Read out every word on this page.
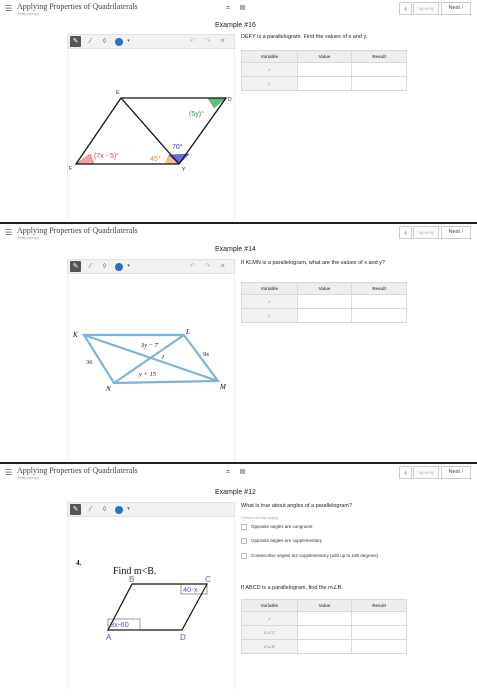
☰ Applying Properties of Quadrilaterals
Abby Hurley
⌗ ▤	‹	16 of 19	Next ›
Example #16
✎	⁄	◊	▾	↶	↷	✕
E
D
F	Y
(5y)°
(7x - 5)°	45°
70°
DEFY is a parallelogram. Find the values of x and y.
Variable	Value	Result
x		
y		
☰ Applying Properties of Quadrilaterals
Abby Hurley
‹	16 of 19	Next ›
Example #14
✎	⁄	◊	▾	↶	↷	✕
K	L
M
N
J
36
9x
3y − 7
y + 15
If KLMN is a parallelogram, what are the values of x and y?
Variable	Value	Result
x		
y		
☰ Applying Properties of Quadrilaterals
Abby Hurley
⌗ ▤	‹	18 of 19	Next ›
Example #12
✎	⁄	◊	▾
4.
Find m<B.
B	C
A	D
40-x
3x-60
What is true about angles of a parallelogram?
(Select all that apply)
Opposite angles are congruent
Opposite angles are supplementary
Consecutive angles are supplementary (add up to 180 degrees)
If ABCD is a parallelogram, find the m∠B.
Variable	Value	Result
x		
m∠C		
m∠B		
